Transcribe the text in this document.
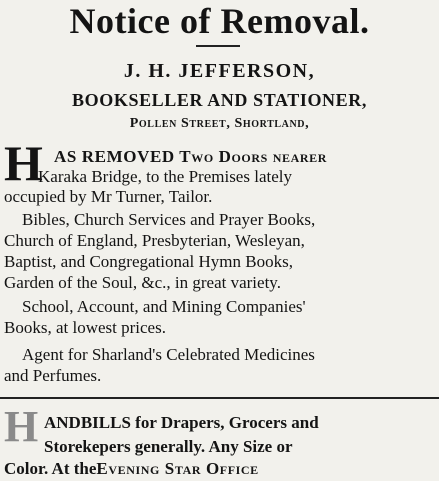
Notice of Removal.
J. H. JEFFERSON,
BOOKSELLER AND STATIONER,
Pollen Street, Shortland,
H AS REMOVED Two Doors nearer
Karaka Bridge, to the Premises lately
occupied by Mr Turner, Tailor.
Bibles, Church Services and Prayer Books,
Church of England, Presbyterian, Wesleyan,
Baptist, and Congregational Hymn Books,
Garden of the Soul, &c., in great variety.
School, Account, and Mining Companies'
Books, at lowest prices.
Agent for Sharland's Celebrated Medicines
and Perfumes.
H ANDBILLS for Drapers, Grocers and
Storekepers generally. Any Size or
Color. At theEvening Star Office
